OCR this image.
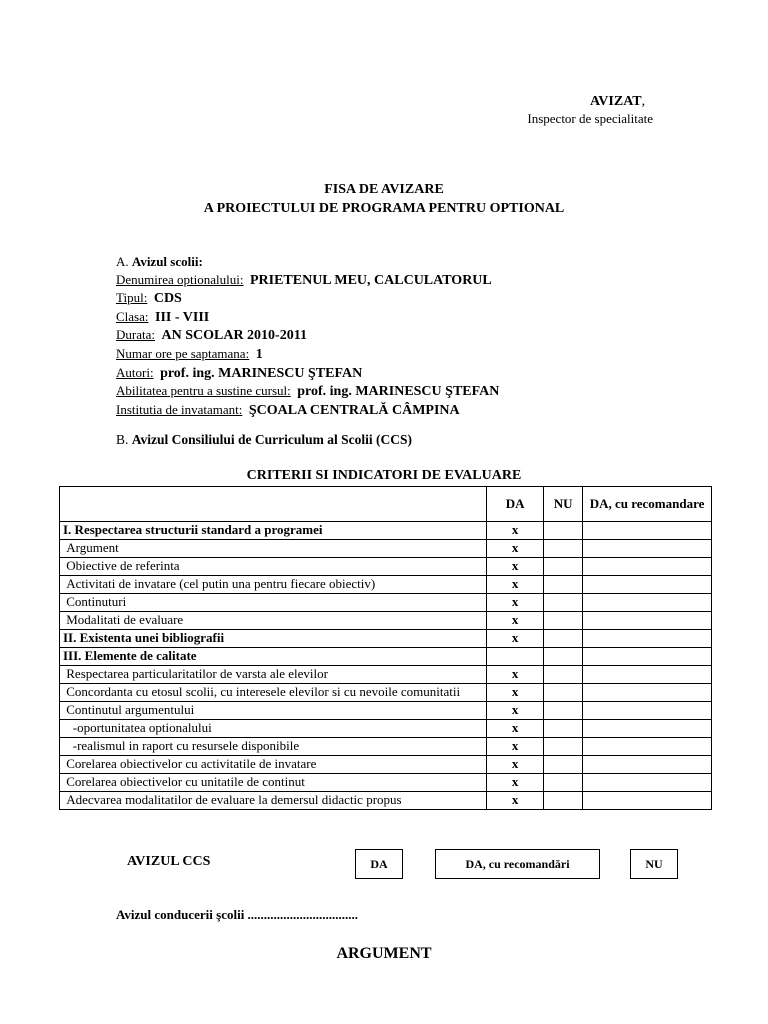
AVIZAT,
Inspector de specialitate
FISA DE AVIZARE
A PROIECTULUI DE PROGRAMA PENTRU OPTIONAL
A. Avizul scolii:
Denumirea optionalului: PRIETENUL MEU, CALCULATORUL
Tipul: CDS
Clasa: III - VIII
Durata: AN SCOLAR 2010-2011
Numar ore pe saptamana: 1
Autori: prof. ing. MARINESCU ŞTEFAN
Abilitatea pentru a sustine cursul: prof. ing. MARINESCU ŞTEFAN
Institutia de invatamant: ŞCOALA CENTRALĂ CÂMPINA
B. Avizul Consiliului de Curriculum al Scolii (CCS)
CRITERII SI INDICATORI DE EVALUARE
	DA	NU	DA, cu recomandare
I. Respectarea structurii standard a programei	x		
Argument	x		
Obiective de referinta	x		
Activitati de invatare (cel putin una pentru fiecare obiectiv)	x		
Continuturi	x		
Modalitati de evaluare	x		
II. Existenta unei bibliografii	x		
III. Elemente de calitate			
Respectarea particularitatilor de varsta ale elevilor	x		
Concordanta cu etosul scolii, cu interesele elevilor si cu nevoile comunitatii	x		
Continutul argumentului	x		
-oportunitatea optionalului	x		
-realismul in raport cu resursele disponibile	x		
Corelarea obiectivelor cu activitatile de invatare	x		
Corelarea obiectivelor cu unitatile de continut	x		
Adecvarea modalitatilor de evaluare la demersul didactic propus	x		
AVIZUL CCS	DA	DA, cu recomandări	NU
Avizul conducerii şcolii ..................................
ARGUMENT
